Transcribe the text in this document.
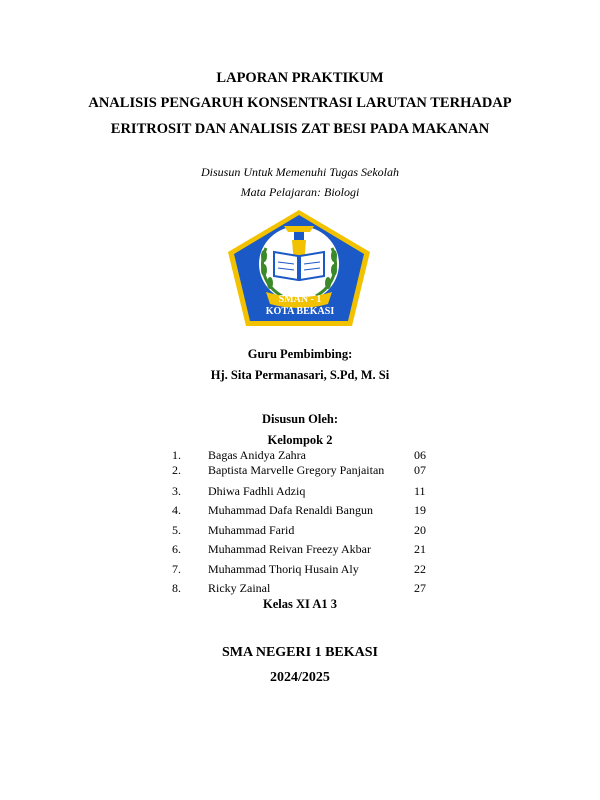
LAPORAN PRAKTIKUM
ANALISIS PENGARUH KONSENTRASI LARUTAN TERHADAP
ERITROSIT DAN ANALISIS ZAT BESI PADA MAKANAN
Disusun Untuk Memenuhi Tugas Sekolah
Mata Pelajaran: Biologi
SMAN - 1
KOTA BEKASI
Guru Pembimbing:
Hj. Sita Permanasari, S.Pd, M. Si
Disusun Oleh:
Kelompok 2
1.	Bagas Anidya Zahra	06
2.	Baptista Marvelle Gregory Panjaitan	07
3.	Dhiwa Fadhli Adziq	11
4.	Muhammad Dafa Renaldi Bangun	19
5.	Muhammad Farid	20
6.	Muhammad Reivan Freezy Akbar	21
7.	Muhammad Thoriq Husain Aly	22
8.	Ricky Zainal	27
Kelas XI A1 3
SMA NEGERI 1 BEKASI
2024/2025
